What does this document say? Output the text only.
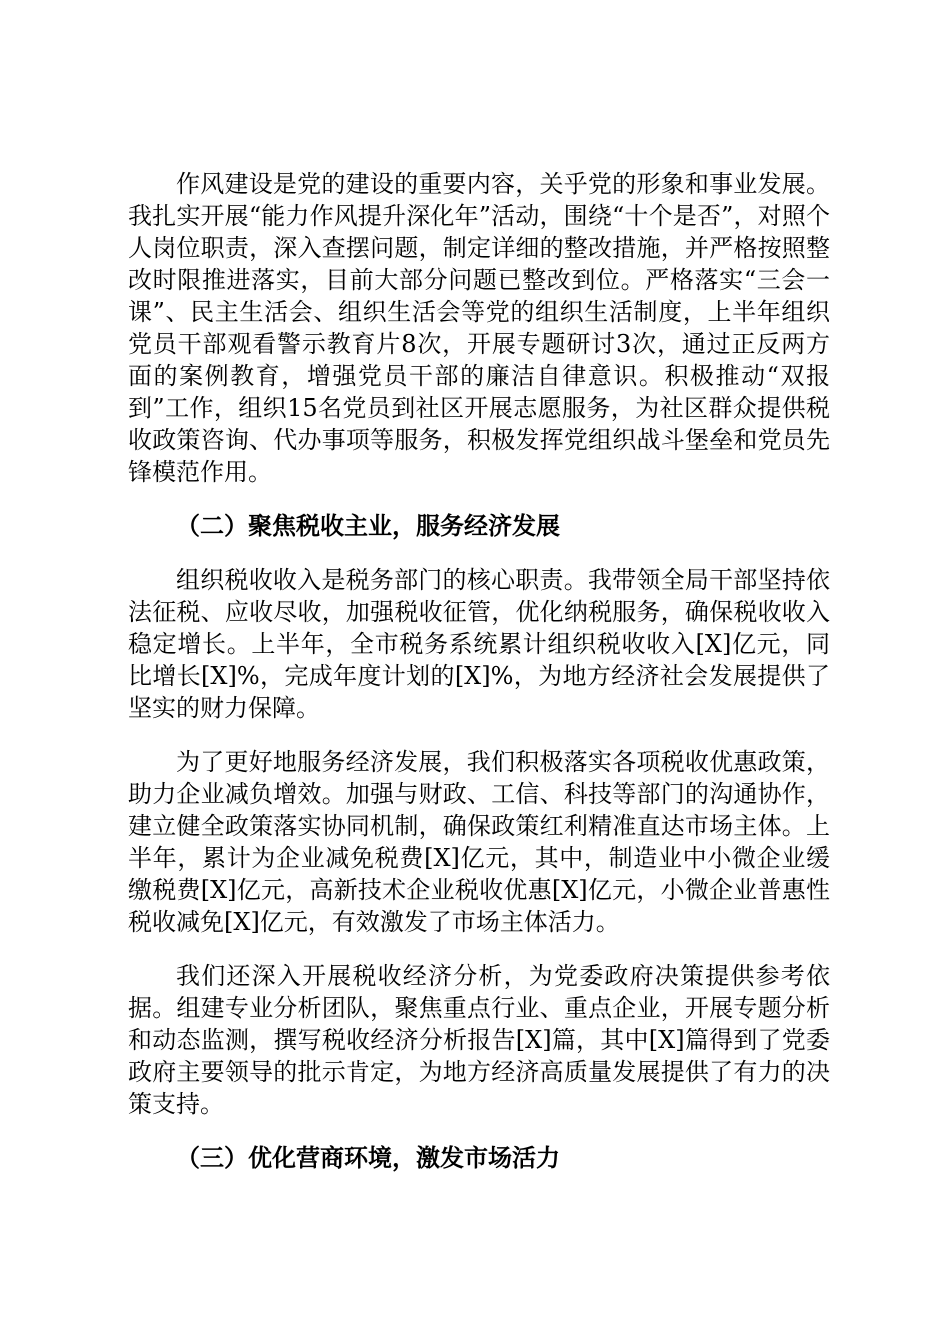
作风建设是党的建设的重要内容，关乎党的形象和事业发展。我扎实开展“能力作风提升深化年”活动，围绕“十个是否”，对照个人岗位职责，深入查摆问题，制定详细的整改措施，并严格按照整改时限推进落实，目前大部分问题已整改到位。严格落实“三会一课”、民主生活会、组织生活会等党的组织生活制度，上半年组织党员干部观看警示教育片8次，开展专题研讨3次，通过正反两方面的案例教育，增强党员干部的廉洁自律意识。积极推动“双报到”工作，组织15名党员到社区开展志愿服务，为社区群众提供税收政策咨询、代办事项等服务，积极发挥党组织战斗堡垒和党员先锋模范作用。

（二）聚焦税收主业，服务经济发展

组织税收收入是税务部门的核心职责。我带领全局干部坚持依法征税、应收尽收，加强税收征管，优化纳税服务，确保税收收入稳定增长。上半年，全市税务系统累计组织税收收入[X]亿元，同比增长[X]%，完成年度计划的[X]%，为地方经济社会发展提供了坚实的财力保障。

为了更好地服务经济发展，我们积极落实各项税收优惠政策，助力企业减负增效。加强与财政、工信、科技等部门的沟通协作，建立健全政策落实协同机制，确保政策红利精准直达市场主体。上半年，累计为企业减免税费[X]亿元，其中，制造业中小微企业缓缴税费[X]亿元，高新技术企业税收优惠[X]亿元，小微企业普惠性税收减免[X]亿元，有效激发了市场主体活力。

我们还深入开展税收经济分析，为党委政府决策提供参考依据。组建专业分析团队，聚焦重点行业、重点企业，开展专题分析和动态监测，撰写税收经济分析报告[X]篇，其中[X]篇得到了党委政府主要领导的批示肯定，为地方经济高质量发展提供了有力的决策支持。

（三）优化营商环境，激发市场活力
